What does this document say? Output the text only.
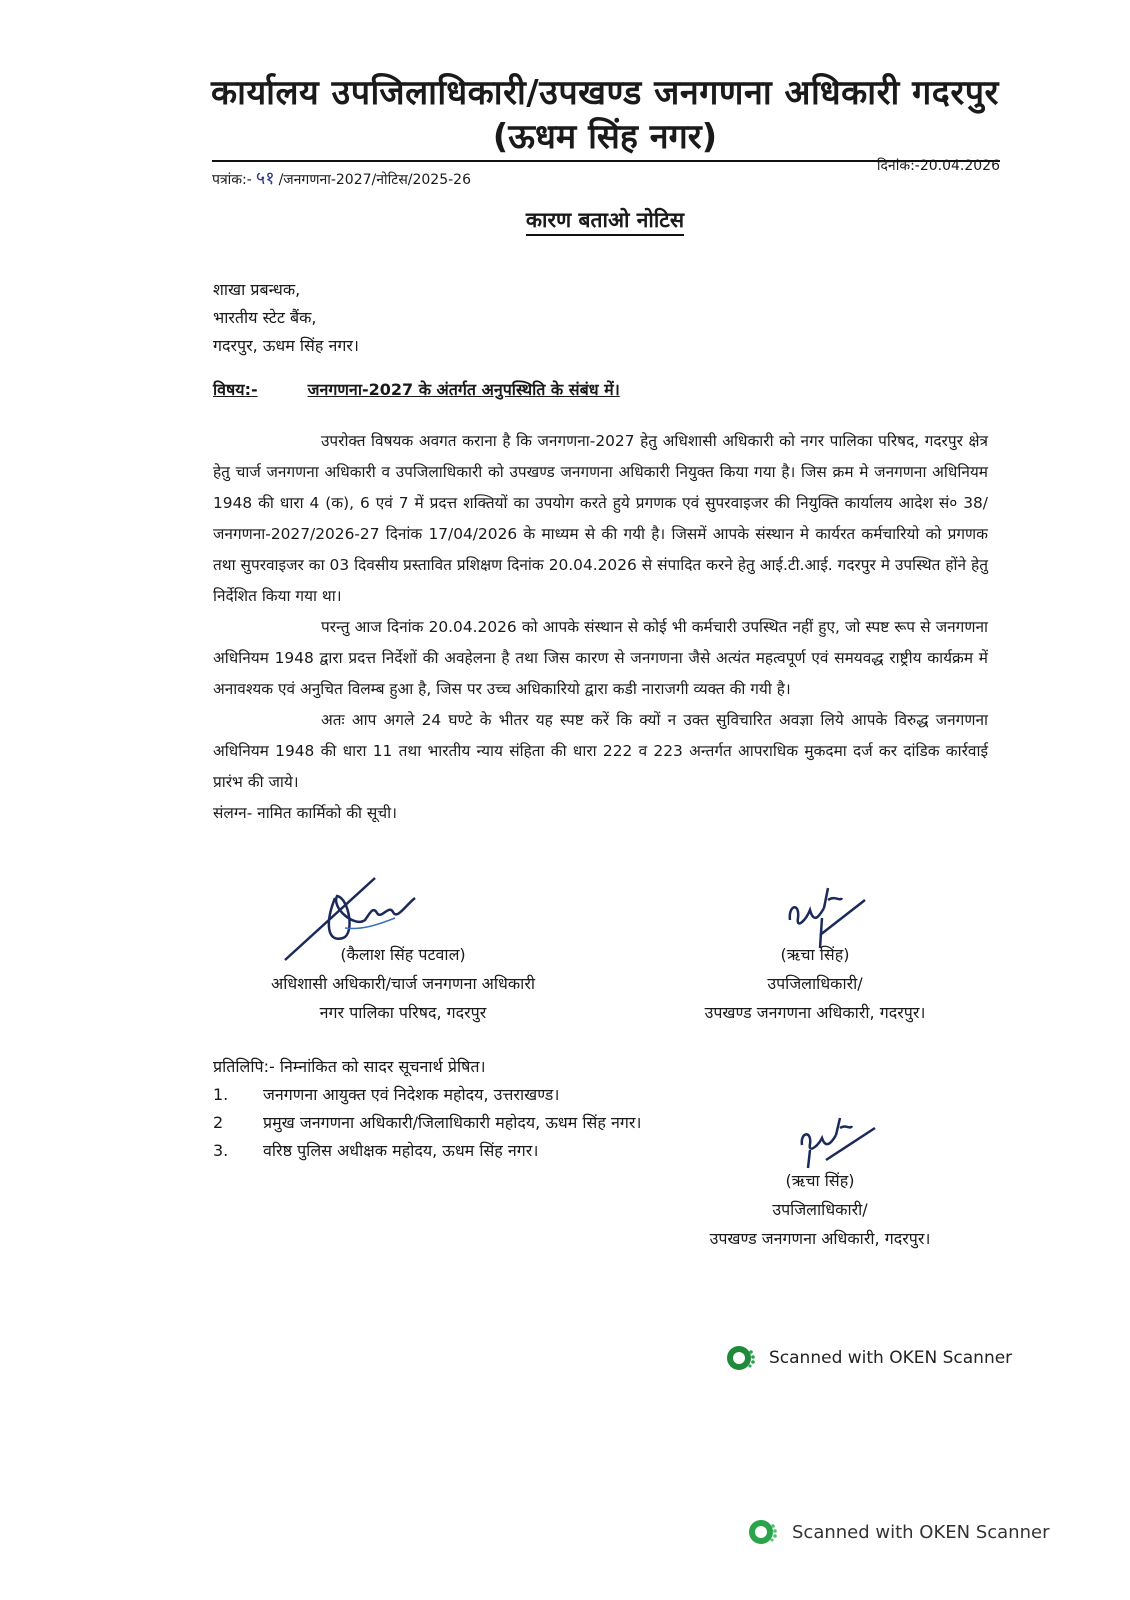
कार्यालय उपजिलाधिकारी/उपखण्ड जनगणना अधिकारी गदरपुर
(ऊधम सिंह नगर)
पत्रांक:- ५१ /जनगणना-2027/नोटिस/2025-26
दिनांक:-20.04.2026
कारण बताओ नोटिस
शाखा प्रबन्धक,
भारतीय स्टेट बैंक,
गदरपुर, ऊधम सिंह नगर।
विषय:-	जनगणना-2027 के अंतर्गत अनुपस्थिति के संबंध में।

उपरोक्त विषयक अवगत कराना है कि जनगणना-2027 हेतु अधिशासी अधिकारी को नगर पालिका परिषद, गदरपुर क्षेत्र हेतु चार्ज जनगणना अधिकारी व उपजिलाधिकारी को उपखण्ड जनगणना अधिकारी नियुक्त किया गया है। जिस क्रम मे जनगणना अधिनियम 1948 की धारा 4 (क), 6 एवं 7 में प्रदत्त शक्तियों का उपयोग करते हुये प्रगणक एवं सुपरवाइजर की नियुक्ति कार्यालय आदेश सं० 38/जनगणना-2027/2026-27 दिनांक 17/04/2026 के माध्यम से की गयी है। जिसमें आपके संस्थान मे कार्यरत कर्मचारियो को प्रगणक तथा सुपरवाइजर का 03 दिवसीय प्रस्तावित प्रशिक्षण दिनांक 20.04.2026 से संपादित करने हेतु आई.टी.आई. गदरपुर मे उपस्थित होंने हेतु निर्देशित किया गया था।

परन्तु आज दिनांक 20.04.2026 को आपके संस्थान से कोई भी कर्मचारी उपस्थित नहीं हुए, जो स्पष्ट रूप से जनगणना अधिनियम 1948 द्वारा प्रदत्त निर्देशों की अवहेलना है तथा जिस कारण से जनगणना जैसे अत्यंत महत्वपूर्ण एवं समयवद्ध राष्ट्रीय कार्यक्रम में अनावश्यक एवं अनुचित विलम्ब हुआ है, जिस पर उच्च अधिकारियो द्वारा कडी नाराजगी व्यक्त की गयी है।

अतः आप अगले 24 घण्टे के भीतर यह स्पष्ट करें कि क्यों न उक्त सुविचारित अवज्ञा लिये आपके विरुद्ध जनगणना अधिनियम 1948 की धारा 11 तथा भारतीय न्याय संहिता की धारा 222 व 223 अन्तर्गत आपराधिक मुकदमा दर्ज कर दांडिक कार्रवाई प्रारंभ की जाये।

संलग्न- नामित कार्मिको की सूची।

(कैलाश सिंह पटवाल)
अधिशासी अधिकारी/चार्ज जनगणना अधिकारी
नगर पालिका परिषद, गदरपुर
(ऋचा सिंह)
उपजिलाधिकारी/
उपखण्ड जनगणना अधिकारी, गदरपुर।
प्रतिलिपि:- निम्नांकित को सादर सूचनार्थ प्रेषित।
1.	जनगणना आयुक्त एवं निदेशक महोदय, उत्तराखण्ड।
2	प्रमुख जनगणना अधिकारी/जिलाधिकारी महोदय, ऊधम सिंह नगर।
3.	वरिष्ठ पुलिस अधीक्षक महोदय, ऊधम सिंह नगर।
(ऋचा सिंह)
उपजिलाधिकारी/
उपखण्ड जनगणना अधिकारी, गदरपुर।
Scanned with OKEN Scanner
Scanned with OKEN Scanner
